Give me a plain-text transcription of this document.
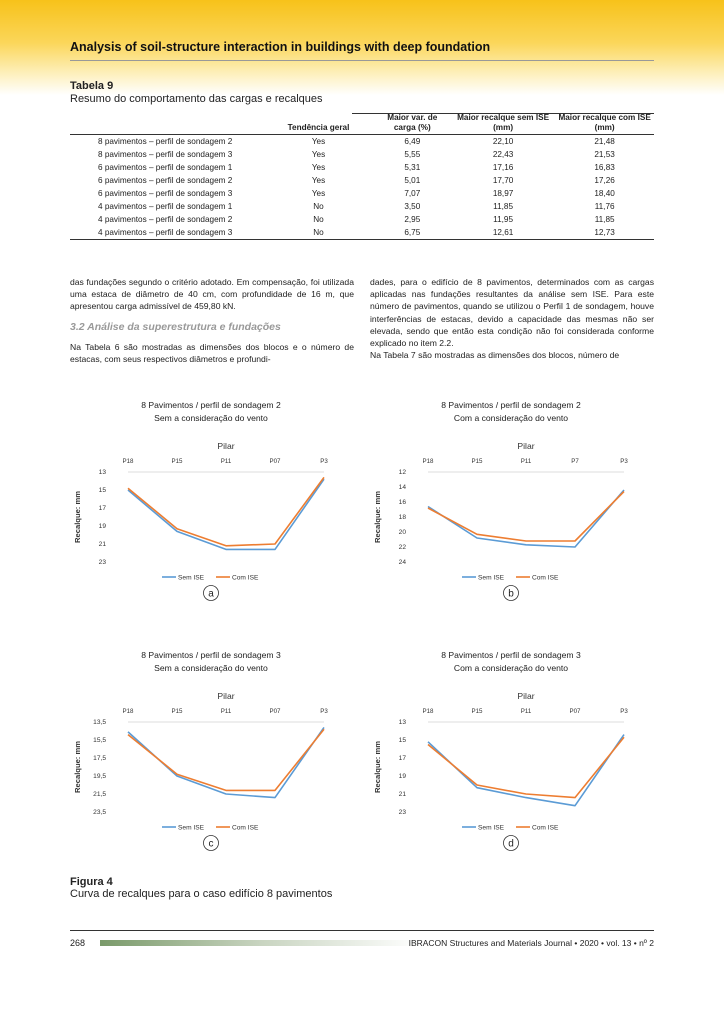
Analysis of soil-structure interaction in buildings with deep foundation
Tabela 9
Resumo do comportamento das cargas e recalques
	Tendência geral	Maior var. de carga (%)	Maior recalque sem ISE (mm)	Maior recalque com ISE (mm)
8 pavimentos – perfil de sondagem 2	Yes	6,49	22,10	21,48
8 pavimentos – perfil de sondagem 3	Yes	5,55	22,43	21,53
6 pavimentos – perfil de sondagem 1	Yes	5,31	17,16	16,83
6 pavimentos – perfil de sondagem 2	Yes	5,01	17,70	17,26
6 pavimentos – perfil de sondagem 3	Yes	7,07	18,97	18,40
4 pavimentos – perfil de sondagem 1	No	3,50	11,85	11,76
4 pavimentos – perfil de sondagem 2	No	2,95	11,95	11,85
4 pavimentos – perfil de sondagem 3	No	6,75	12,61	12,73

das fundações segundo o critério adotado. Em compensação, foi utilizada uma estaca de diâmetro de 40 cm, com profundidade de 16 m, que apresentou carga admissível de 459,80 kN.

3.2 Análise da superestrutura e fundações

Na Tabela 6 são mostradas as dimensões dos blocos e o número de estacas, com seus respectivos diâmetros e profundi-

dades, para o edifício de 8 pavimentos, determinados com as cargas aplicadas nas fundações resultantes da análise sem ISE. Para este número de pavimentos, quando se utilizou o Perfil 1 de sondagem, houve interferências de estacas, devido a capacidade das mesmas não ser elevada, sendo que então esta condição não foi considerada conforme explicado no item 2.2.

Na Tabela 7 são mostradas as dimensões dos blocos, número de

8 Pavimentos / perfil de sondagem 2
Sem a consideração do vento
Pilar
P18	P15	P11	P07	P3
13
15
17
19
21
23
Recalque: mm
Sem ISE	Com ISE
a
8 Pavimentos / perfil de sondagem 2
Com a consideração do vento
Pilar
P18	P15	P11	P7	P3
12
14
16
18
20
22
24
Recalque: mm
Sem ISE	Com ISE
b
8 Pavimentos / perfil de sondagem 3
Sem a consideração do vento
Pilar
P18	P15	P11	P07	P3
13,5
15,5
17,5
19,5
21,5
23,5
Recalque: mm
Sem ISE	Com ISE
c
8 Pavimentos / perfil de sondagem 3
Com a consideração do vento
Pilar
P18	P15	P11	P07	P3
13
15
17
19
21
23
Recalque: mm
Sem ISE	Com ISE
d
Figura 4
Curva de recalques para o caso edifício 8 pavimentos
268	IBRACON Structures and Materials Journal • 2020 • vol. 13 • nº 2
